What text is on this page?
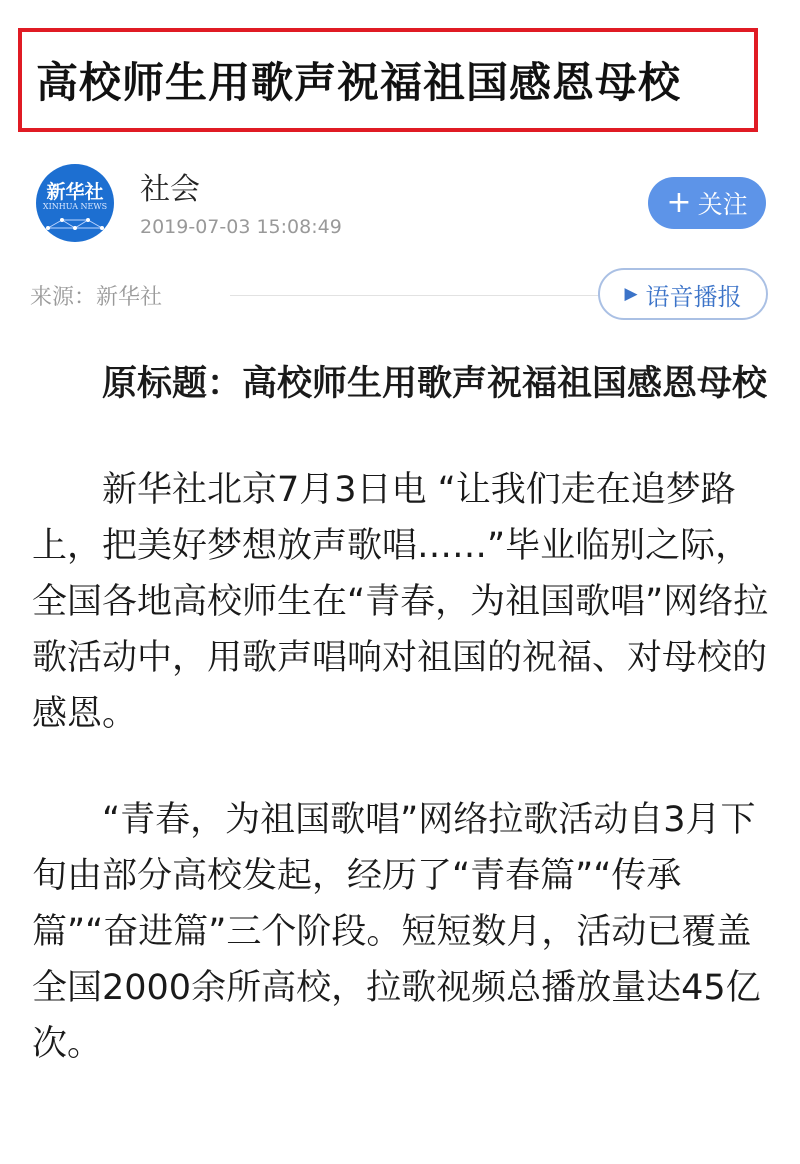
高校师生用歌声祝福祖国感恩母校
新华社
XINHUA NEWS 社会
2019-07-03 15:08:49
+ 关注
来源：新华社	▶ 语音播报

原标题：高校师生用歌声祝福祖国感恩母校

新华社北京7月3日电 “让我们走在追梦路上，把美好梦想放声歌唱……”毕业临别之际，全国各地高校师生在“青春，为祖国歌唱”网络拉歌活动中，用歌声唱响对祖国的祝福、对母校的感恩。

“青春，为祖国歌唱”网络拉歌活动自3月下旬由部分高校发起，经历了“青春篇”“传承篇”“奋进篇”三个阶段。短短数月，活动已覆盖全国2000余所高校，拉歌视频总播放量达45亿次。
